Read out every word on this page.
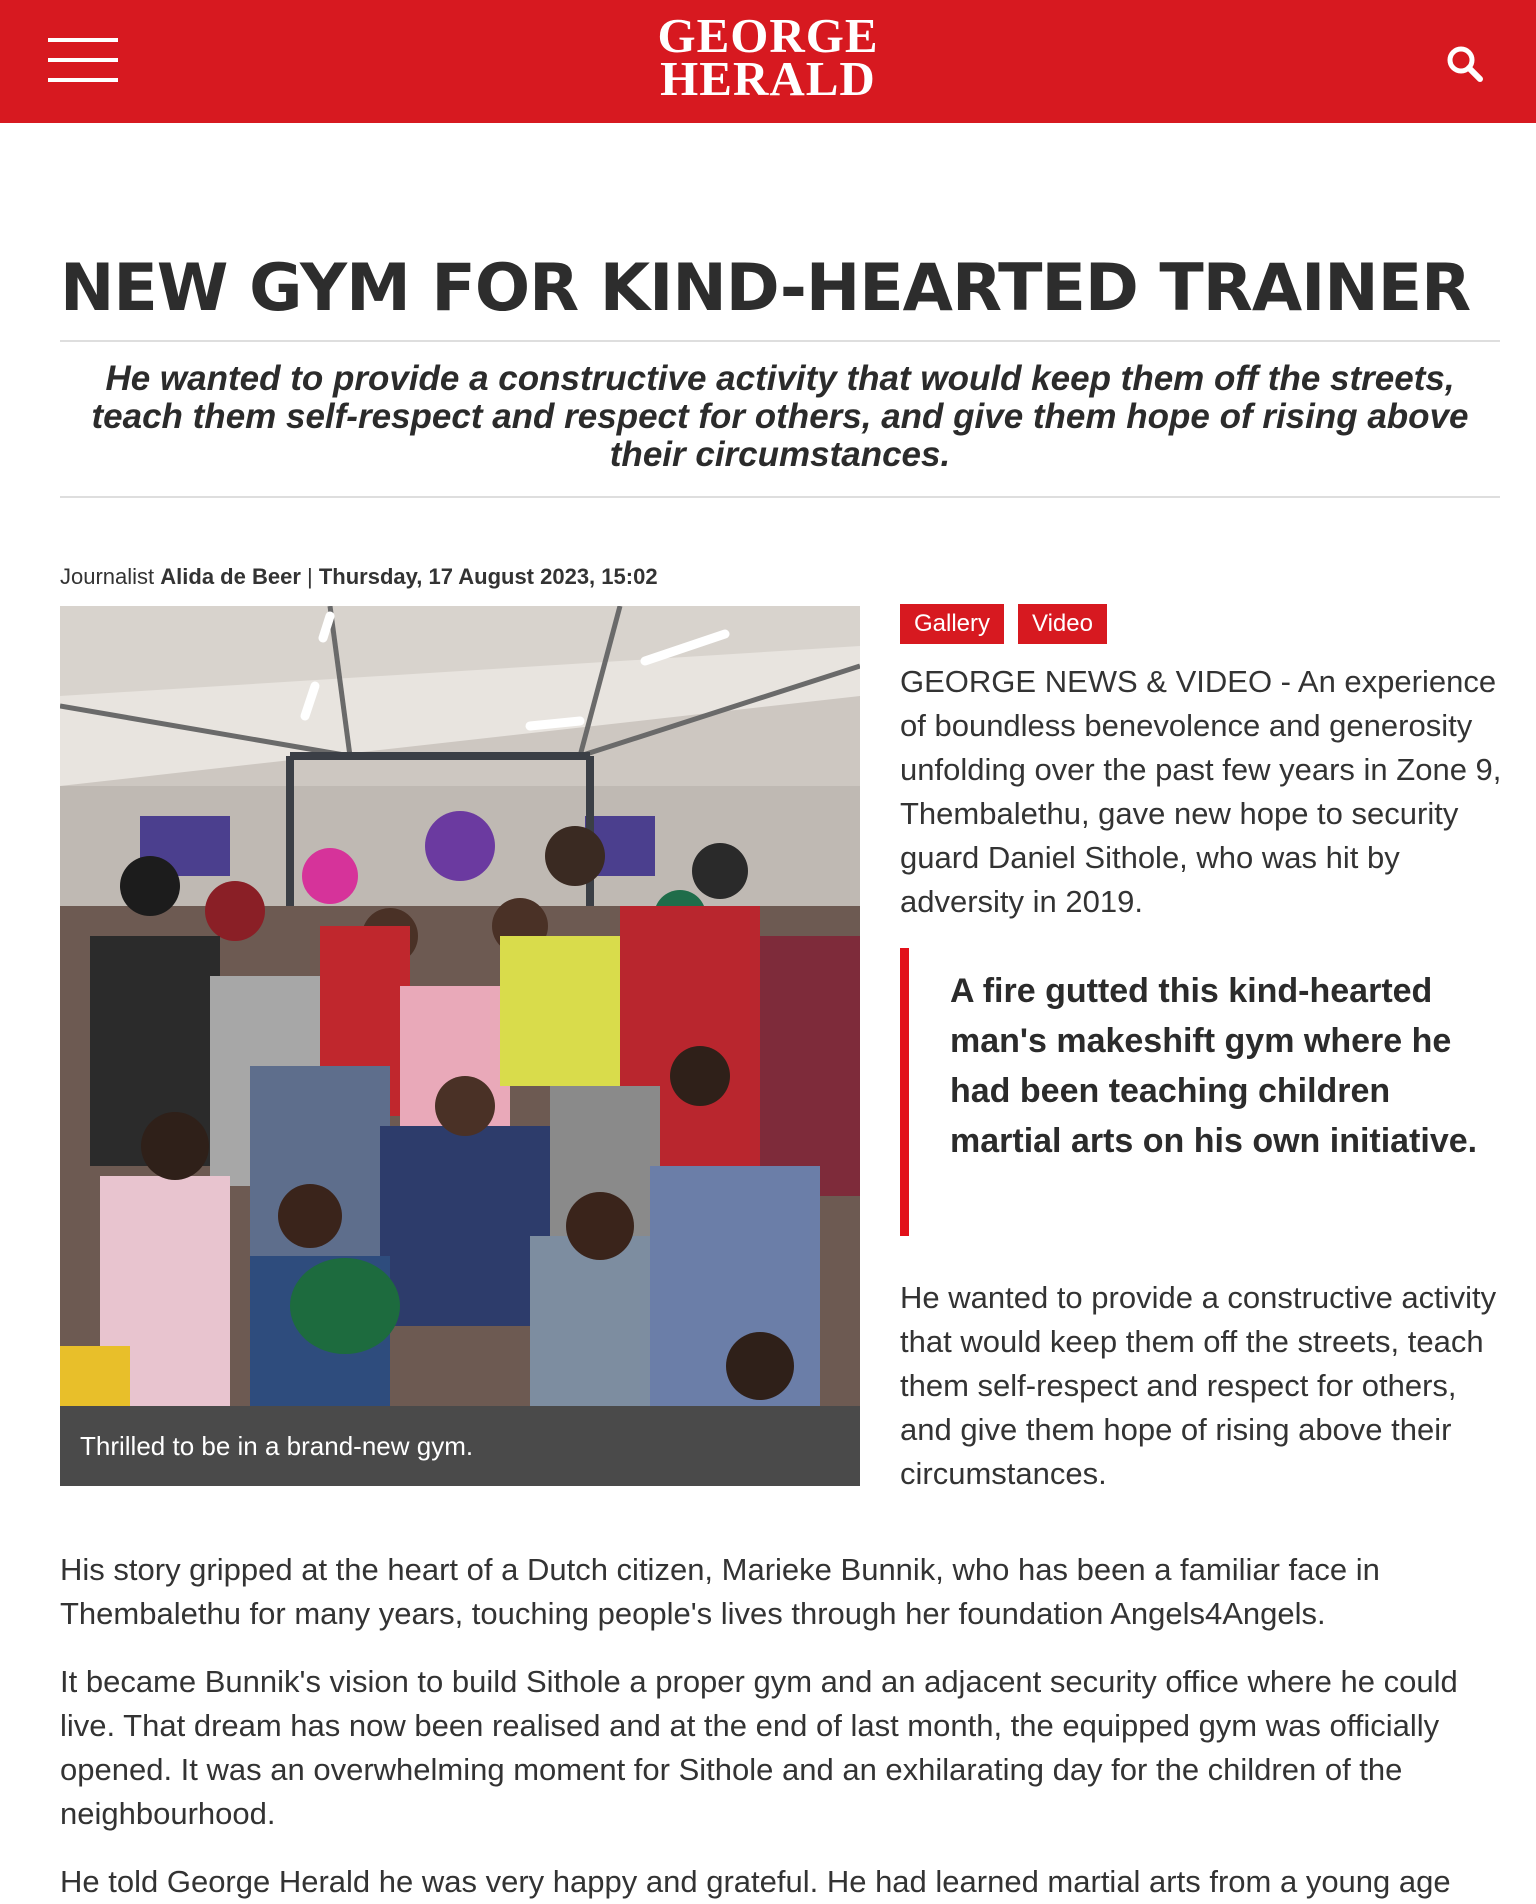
GEORGE
HERALD
NEW GYM FOR KIND-HEARTED TRAINER

He wanted to provide a constructive activity that would keep them off the streets, teach them self-respect and respect for others, and give them hope of rising above their circumstances.

Journalist Alida de Beer | Thursday, 17 August 2023, 15:02
Thrilled to be in a brand-new gym.
Gallery	Video

GEORGE NEWS & VIDEO - An experience of boundless benevolence and generosity unfolding over the past few years in Zone 9, Thembalethu, gave new hope to security guard Daniel Sithole, who was hit by adversity in 2019.

A fire gutted this kind-hearted man's makeshift gym where he had been teaching children martial arts on his own initiative.

He wanted to provide a constructive activity that would keep them off the streets, teach them self-respect and respect for others, and give them hope of rising above their circumstances.

His story gripped at the heart of a Dutch citizen, Marieke Bunnik, who has been a familiar face in Thembalethu for many years, touching people's lives through her foundation Angels4Angels.

It became Bunnik's vision to build Sithole a proper gym and an adjacent security office where he could live. That dream has now been realised and at the end of last month, the equipped gym was officially opened. It was an overwhelming moment for Sithole and an exhilarating day for the children of the neighbourhood.

He told George Herald he was very happy and grateful. He had learned martial arts from a young age
